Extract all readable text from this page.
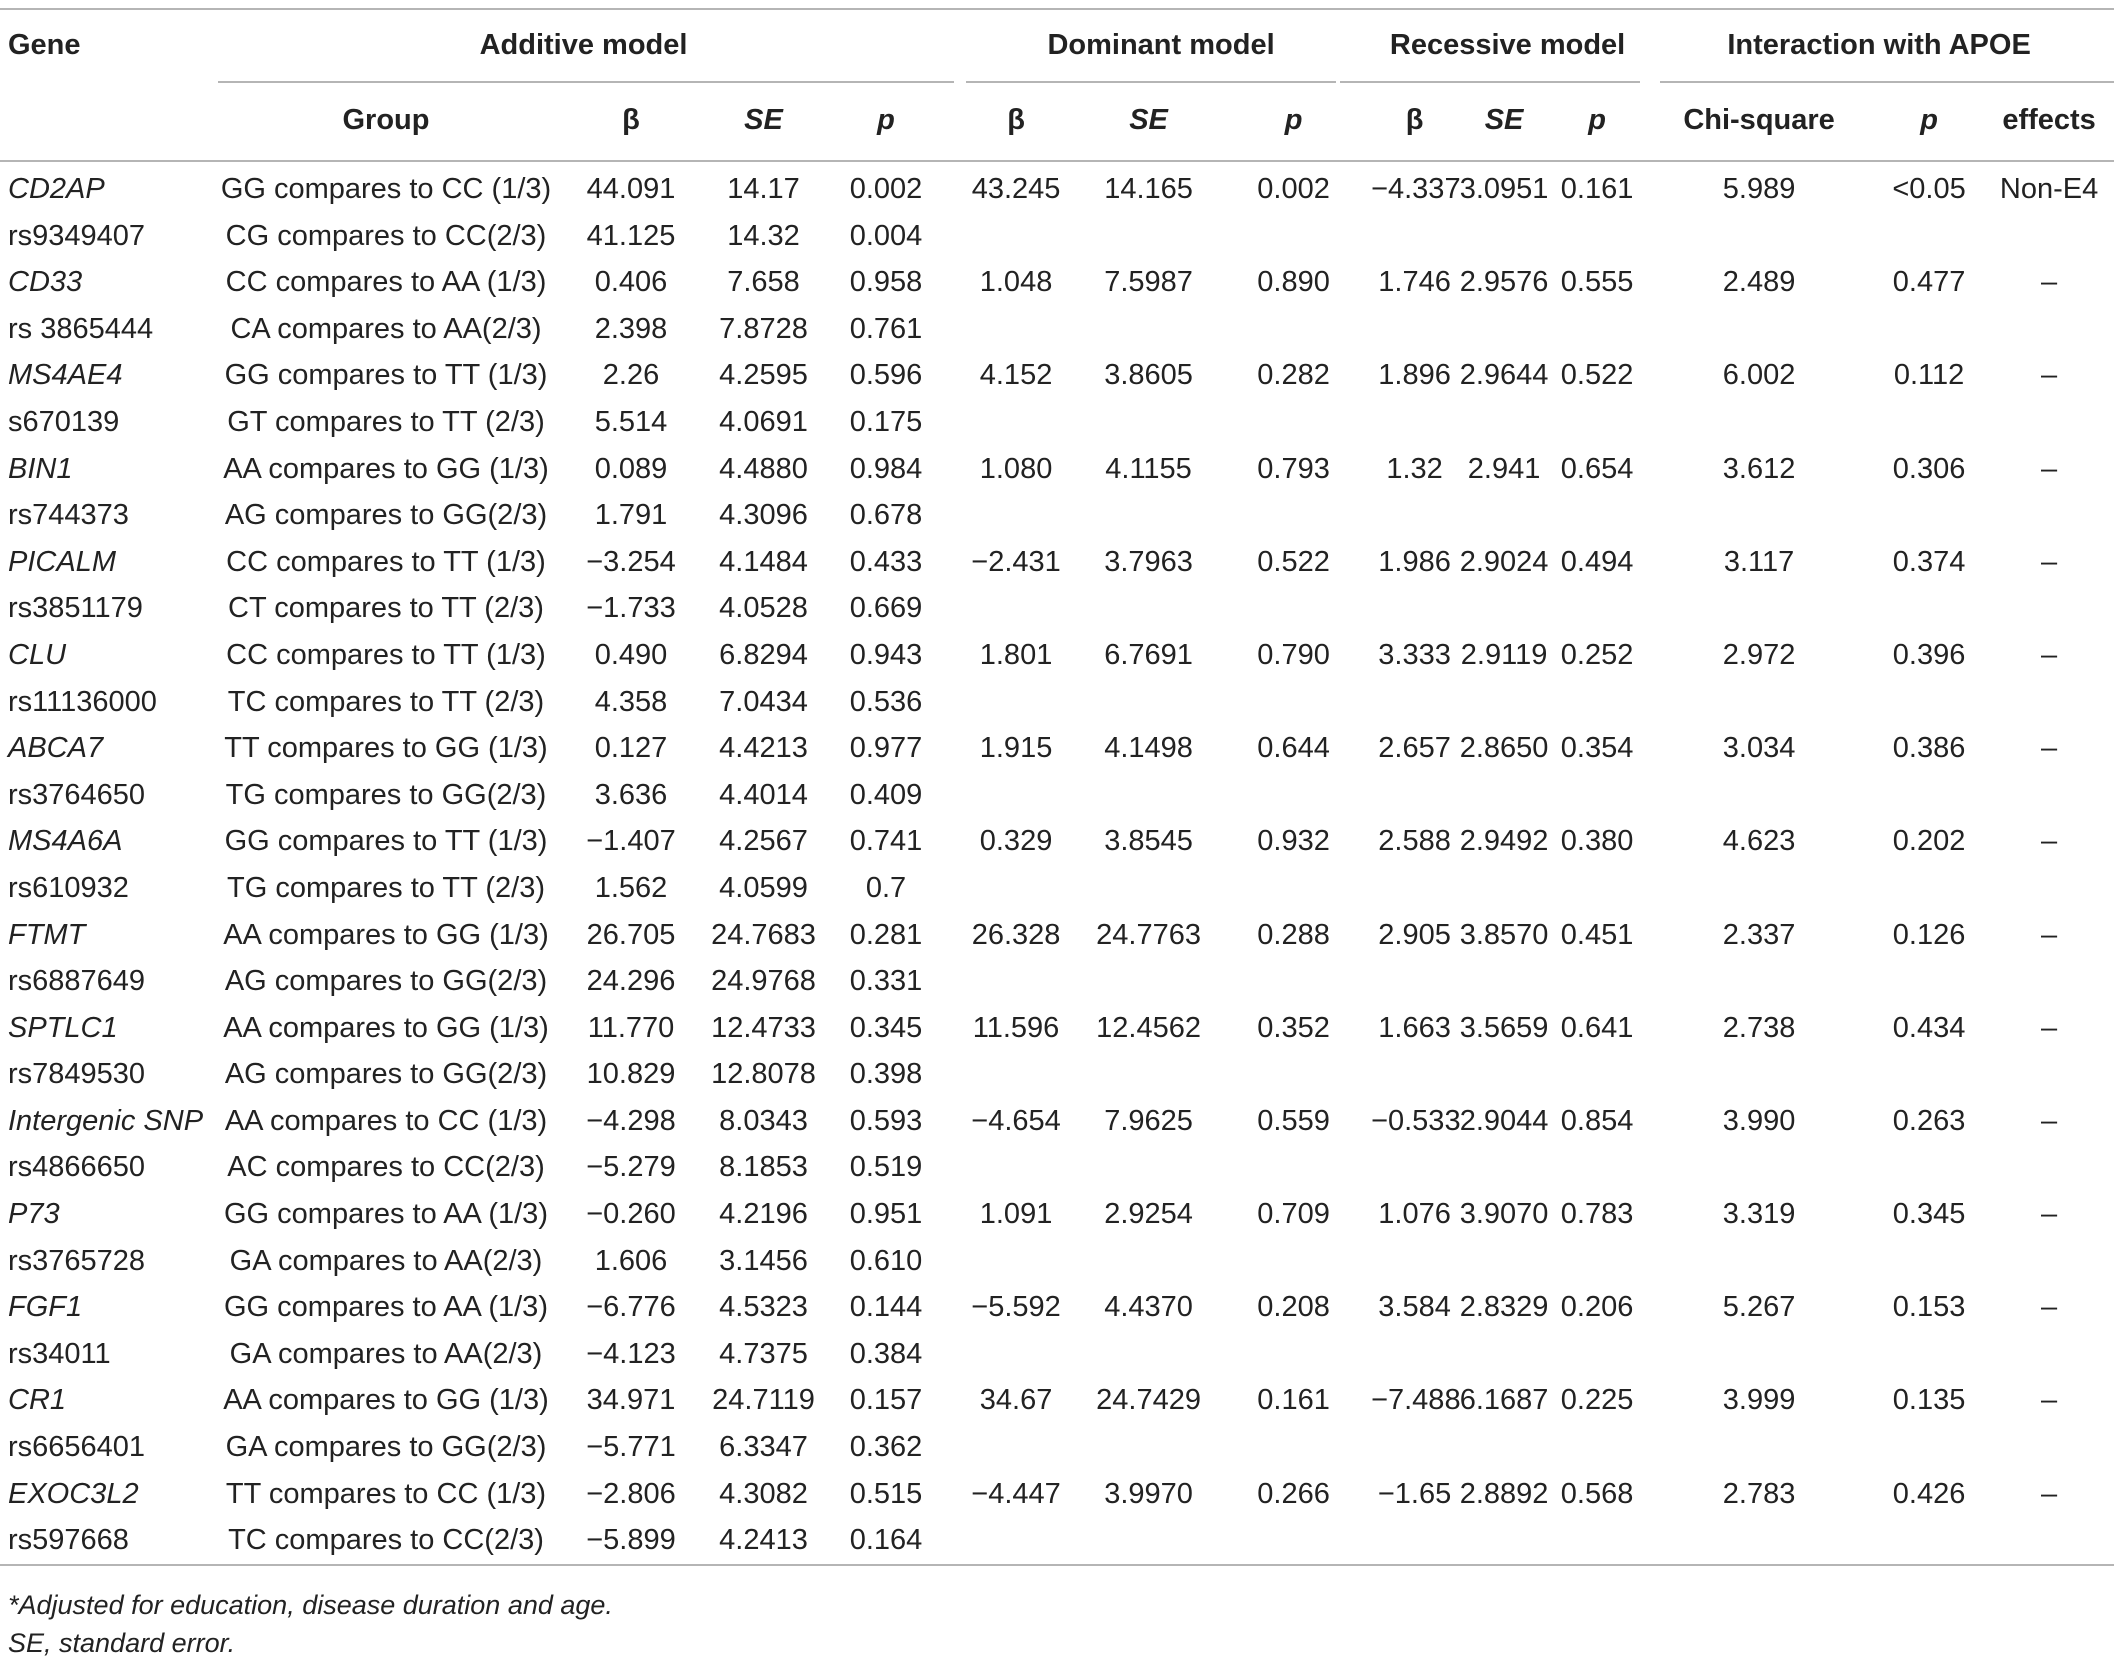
Gene	Additive model				Dominant model			Recessive model			Interaction with APOE		
	Group	β	SE	p	β	SE	p	β	SE	p	Chi-square	p	effects
CD2AP	GG compares to CC (1/3)	44.091	14.17	0.002	43.245	14.165	0.002	−4.337	3.0951	0.161	5.989	<0.05	Non-E4
rs9349407	CG compares to CC(2/3)	41.125	14.32	0.004									
CD33	CC compares to AA (1/3)	0.406	7.658	0.958	1.048	7.5987	0.890	1.746	2.9576	0.555	2.489	0.477	–
rs 3865444	CA compares to AA(2/3)	2.398	7.8728	0.761									
MS4AE4	GG compares to TT (1/3)	2.26	4.2595	0.596	4.152	3.8605	0.282	1.896	2.9644	0.522	6.002	0.112	–
s670139	GT compares to TT (2/3)	5.514	4.0691	0.175									
BIN1	AA compares to GG (1/3)	0.089	4.4880	0.984	1.080	4.1155	0.793	1.32	2.941	0.654	3.612	0.306	–
rs744373	AG compares to GG(2/3)	1.791	4.3096	0.678									
PICALM	CC compares to TT (1/3)	−3.254	4.1484	0.433	−2.431	3.7963	0.522	1.986	2.9024	0.494	3.117	0.374	–
rs3851179	CT compares to TT (2/3)	−1.733	4.0528	0.669									
CLU	CC compares to TT (1/3)	0.490	6.8294	0.943	1.801	6.7691	0.790	3.333	2.9119	0.252	2.972	0.396	–
rs11136000	TC compares to TT (2/3)	4.358	7.0434	0.536									
ABCA7	TT compares to GG (1/3)	0.127	4.4213	0.977	1.915	4.1498	0.644	2.657	2.8650	0.354	3.034	0.386	–
rs3764650	TG compares to GG(2/3)	3.636	4.4014	0.409									
MS4A6A	GG compares to TT (1/3)	−1.407	4.2567	0.741	0.329	3.8545	0.932	2.588	2.9492	0.380	4.623	0.202	–
rs610932	TG compares to TT (2/3)	1.562	4.0599	0.7									
FTMT	AA compares to GG (1/3)	26.705	24.7683	0.281	26.328	24.7763	0.288	2.905	3.8570	0.451	2.337	0.126	–
rs6887649	AG compares to GG(2/3)	24.296	24.9768	0.331									
SPTLC1	AA compares to GG (1/3)	11.770	12.4733	0.345	11.596	12.4562	0.352	1.663	3.5659	0.641	2.738	0.434	–
rs7849530	AG compares to GG(2/3)	10.829	12.8078	0.398									
Intergenic SNP	AA compares to CC (1/3)	−4.298	8.0343	0.593	−4.654	7.9625	0.559	−0.533	2.9044	0.854	3.990	0.263	–
rs4866650	AC compares to CC(2/3)	−5.279	8.1853	0.519									
P73	GG compares to AA (1/3)	−0.260	4.2196	0.951	1.091	2.9254	0.709	1.076	3.9070	0.783	3.319	0.345	–
rs3765728	GA compares to AA(2/3)	1.606	3.1456	0.610									
FGF1	GG compares to AA (1/3)	−6.776	4.5323	0.144	−5.592	4.4370	0.208	3.584	2.8329	0.206	5.267	0.153	–
rs34011	GA compares to AA(2/3)	−4.123	4.7375	0.384									
CR1	AA compares to GG (1/3)	34.971	24.7119	0.157	34.67	24.7429	0.161	−7.488	6.1687	0.225	3.999	0.135	–
rs6656401	GA compares to GG(2/3)	−5.771	6.3347	0.362									
EXOC3L2	TT compares to CC (1/3)	−2.806	4.3082	0.515	−4.447	3.9970	0.266	−1.65	2.8892	0.568	2.783	0.426	–
rs597668	TC compares to CC(2/3)	−5.899	4.2413	0.164									
*Adjusted for education, disease duration and age.
SE, standard error.
